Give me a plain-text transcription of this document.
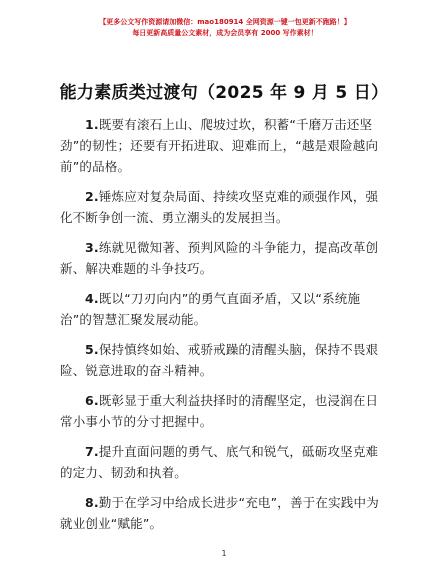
【更多公文写作资源请加微信：mao180914 全网资源一键一包更新不跑路！】
每日更新高质量公文素材，成为会员享有 2000 写作素材！
能力素质类过渡句（2025 年 9 月 5 日）

1.既要有滚石上山、爬坡过坎，积蓄“千磨万击还坚劲”的韧性；还要有开拓进取、迎难而上，“越是艰险越向前”的品格。

2.锤炼应对复杂局面、持续攻坚克难的顽强作风，强化不断争创一流、勇立潮头的发展担当。

3.练就见微知著、预判风险的斗争能力，提高改革创新、解决难题的斗争技巧。

4.既以“刀刃向内”的勇气直面矛盾，又以“系统施治”的智慧汇聚发展动能。

5.保持慎终如始、戒骄戒躁的清醒头脑，保持不畏艰险、锐意进取的奋斗精神。

6.既彰显于重大利益抉择时的清醒坚定，也浸润在日常小事小节的分寸把握中。

7.提升直面问题的勇气、底气和锐气，砥砺攻坚克难的定力、韧劲和执着。

8.勤于在学习中给成长进步“充电”，善于在实践中为就业创业“赋能”。

1
